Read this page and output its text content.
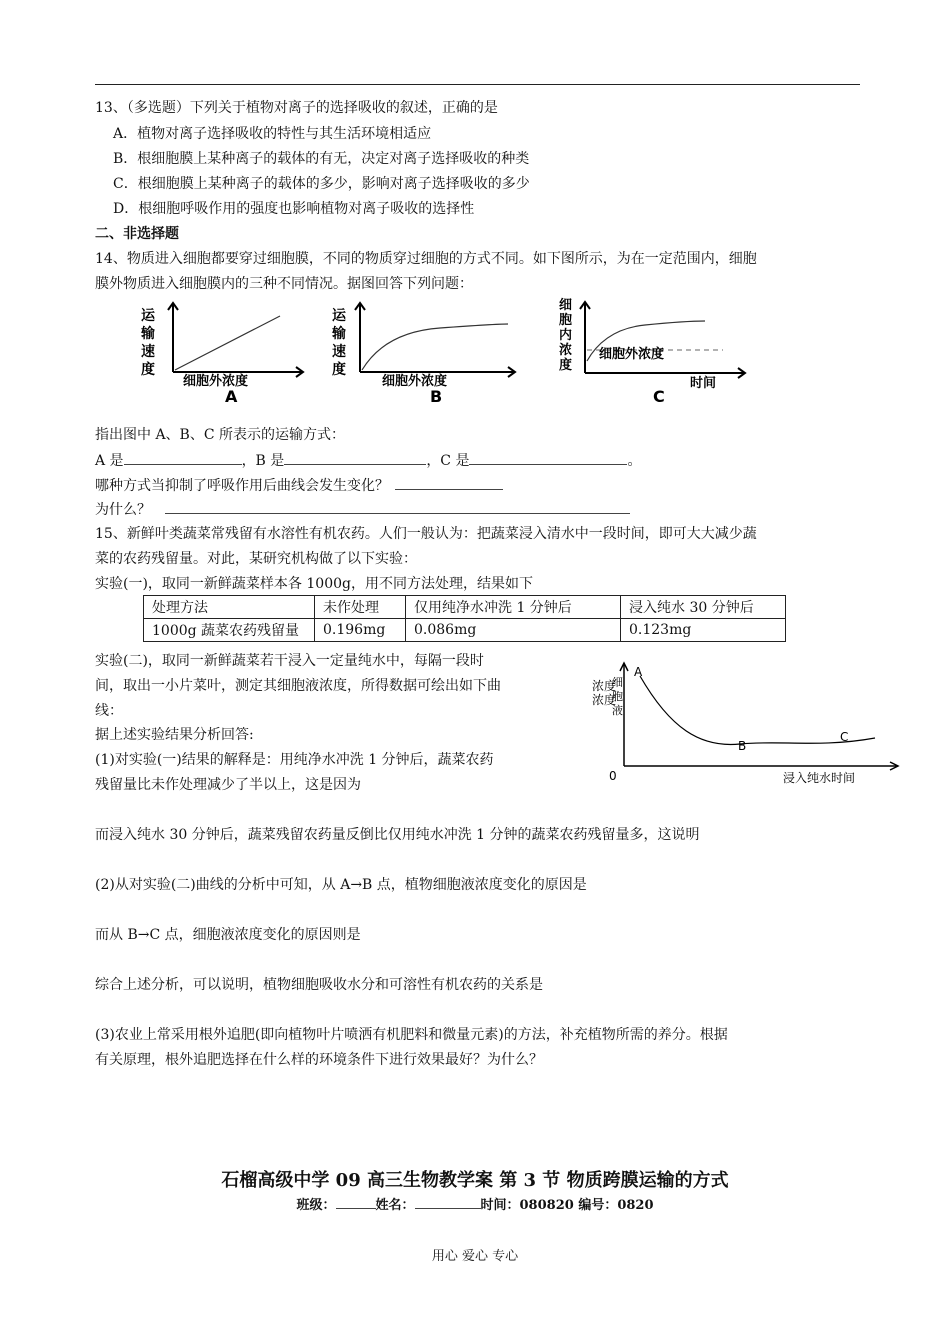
13、（多选题）下列关于植物对离子的选择吸收的叙述，正确的是
A．植物对离子选择吸收的特性与其生活环境相适应
B．根细胞膜上某种离子的载体的有无，决定对离子选择吸收的种类
C．根细胞膜上某种离子的载体的多少，影响对离子选择吸收的多少
D．根细胞呼吸作用的强度也影响植物对离子吸收的选择性
二、非选择题
14、物质进入细胞都要穿过细胞膜，不同的物质穿过细胞的方式不同。如下图所示，为在一定范围内，细胞
膜外物质进入细胞膜内的三种不同情况。据图回答下列问题：
运
输
速
度
细胞外浓度
A
运
输
速
度
细胞外浓度
B
细
胞
内
浓
度
细胞外浓度
时间
C
指出图中 A、B、C 所表示的运输方式：
A 是	，B 是	，C 是	。
哪种方式当抑制了呼吸作用后曲线会发生变化？
为什么？
15、新鲜叶类蔬菜常残留有水溶性有机农药。人们一般认为：把蔬菜浸入清水中一段时间，即可大大减少蔬
菜的农药残留量。对此，某研究机构做了以下实验：
实验(一)，取同一新鲜蔬菜样本各 1000g，用不同方法处理，结果如下
处理方法	未作处理	仅用纯净水冲洗 1 分钟后	浸入纯水 30 分钟后
1000g 蔬菜农药残留量	0.196mg	0.086mg	0.123mg
实验(二)，取同一新鲜蔬菜若干浸入一定量纯水中，每隔一段时
间，取出一小片菜叶，测定其细胞液浓度，所得数据可绘出如下曲
线：
据上述实验结果分析回答:
(1)对实验(一)结果的解释是：用纯净水冲洗 1 分钟后，蔬菜农药
残留量比未作处理减少了半以上，这是因为
A
B
C
浓度
浓度
细
胞
液
0	浸入纯水时间
而浸入纯水 30 分钟后，蔬菜残留农药量反倒比仅用纯水冲洗 1 分钟的蔬菜农药残留量多，这说明
(2)从对实验(二)曲线的分析中可知，从 A→B 点，植物细胞液浓度变化的原因是
而从 B→C 点，细胞液浓度变化的原因则是
综合上述分析，可以说明，植物细胞吸收水分和可溶性有机农药的关系是
(3)农业上常采用根外追肥(即向植物叶片喷洒有机肥料和微量元素)的方法，补充植物所需的养分。根据
有关原理，根外追肥选择在什么样的环境条件下进行效果最好？为什么？
石榴高级中学 09 高三生物教学案 第 3 节 物质跨膜运输的方式
班级：	姓名：	时间：080820 编号：0820
用心 爱心 专心
